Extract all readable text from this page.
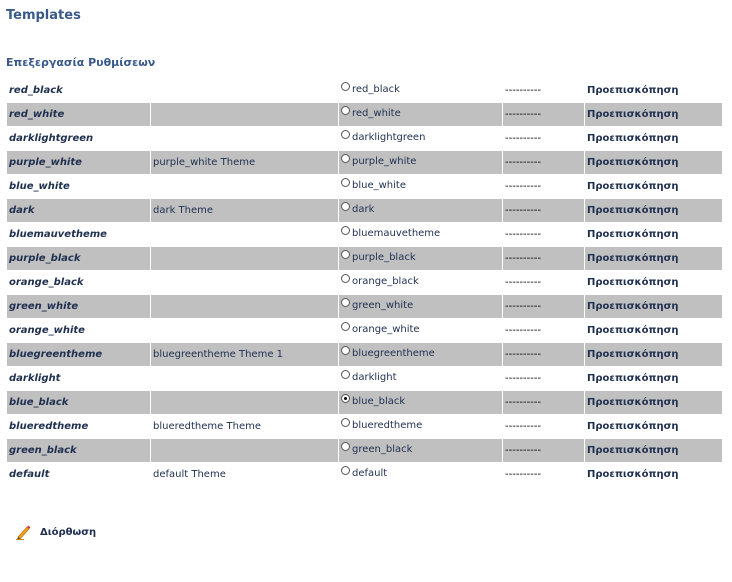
Templates
Επεξεργασία Ρυθμίσεων
red_black		red_black	----------	Προεπισκόπηση
red_white		red_white	----------	Προεπισκόπηση
darklightgreen		darklightgreen	----------	Προεπισκόπηση
purple_white	purple_white Theme	purple_white	----------	Προεπισκόπηση
blue_white		blue_white	----------	Προεπισκόπηση
dark	dark Theme	dark	----------	Προεπισκόπηση
bluemauvetheme		bluemauvetheme	----------	Προεπισκόπηση
purple_black		purple_black	----------	Προεπισκόπηση
orange_black		orange_black	----------	Προεπισκόπηση
green_white		green_white	----------	Προεπισκόπηση
orange_white		orange_white	----------	Προεπισκόπηση
bluegreentheme	bluegreentheme Theme 1	bluegreentheme	----------	Προεπισκόπηση
darklight		darklight	----------	Προεπισκόπηση
blue_black		blue_black	----------	Προεπισκόπηση
blueredtheme	blueredtheme Theme	blueredtheme	----------	Προεπισκόπηση
green_black		green_black	----------	Προεπισκόπηση
default	default Theme	default	----------	Προεπισκόπηση
Διόρθωση
